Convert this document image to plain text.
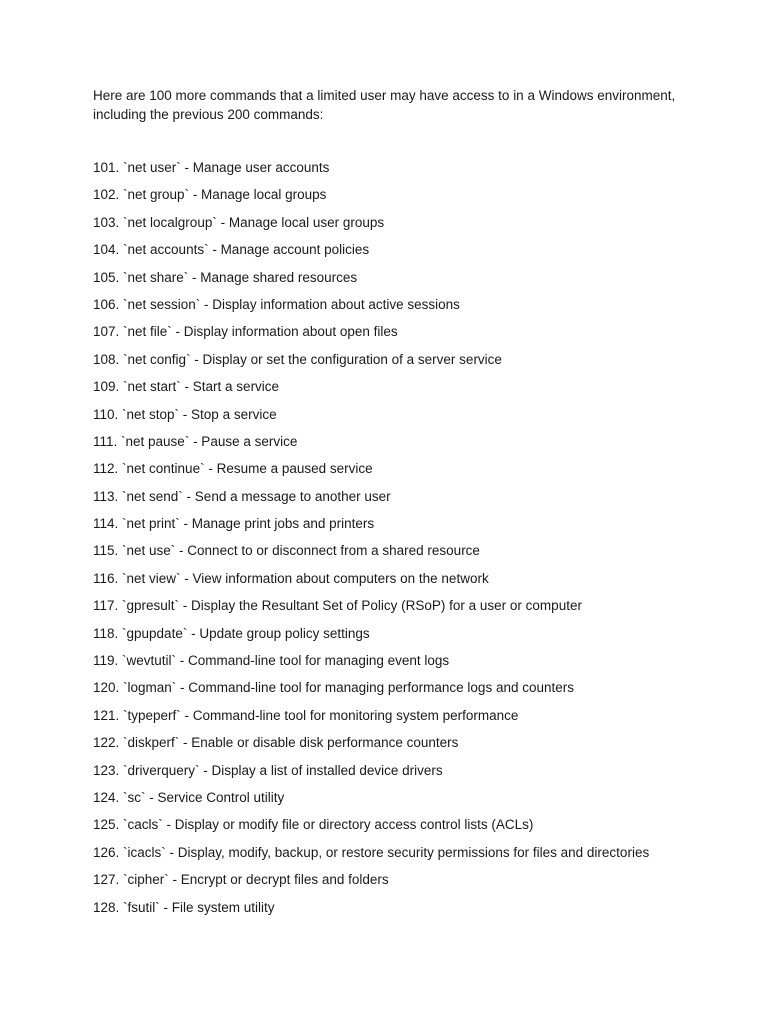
Here are 100 more commands that a limited user may have access to in a Windows environment, including the previous 200 commands:

101. `net user` - Manage user accounts
102. `net group` - Manage local groups
103. `net localgroup` - Manage local user groups
104. `net accounts` - Manage account policies
105. `net share` - Manage shared resources
106. `net session` - Display information about active sessions
107. `net file` - Display information about open files
108. `net config` - Display or set the configuration of a server service
109. `net start` - Start a service
110. `net stop` - Stop a service
111. `net pause` - Pause a service
112. `net continue` - Resume a paused service
113. `net send` - Send a message to another user
114. `net print` - Manage print jobs and printers
115. `net use` - Connect to or disconnect from a shared resource
116. `net view` - View information about computers on the network
117. `gpresult` - Display the Resultant Set of Policy (RSoP) for a user or computer
118. `gpupdate` - Update group policy settings
119. `wevtutil` - Command-line tool for managing event logs
120. `logman` - Command-line tool for managing performance logs and counters
121. `typeperf` - Command-line tool for monitoring system performance
122. `diskperf` - Enable or disable disk performance counters
123. `driverquery` - Display a list of installed device drivers
124. `sc` - Service Control utility
125. `cacls` - Display or modify file or directory access control lists (ACLs)
126. `icacls` - Display, modify, backup, or restore security permissions for files and directories
127. `cipher` - Encrypt or decrypt files and folders
128. `fsutil` - File system utility
